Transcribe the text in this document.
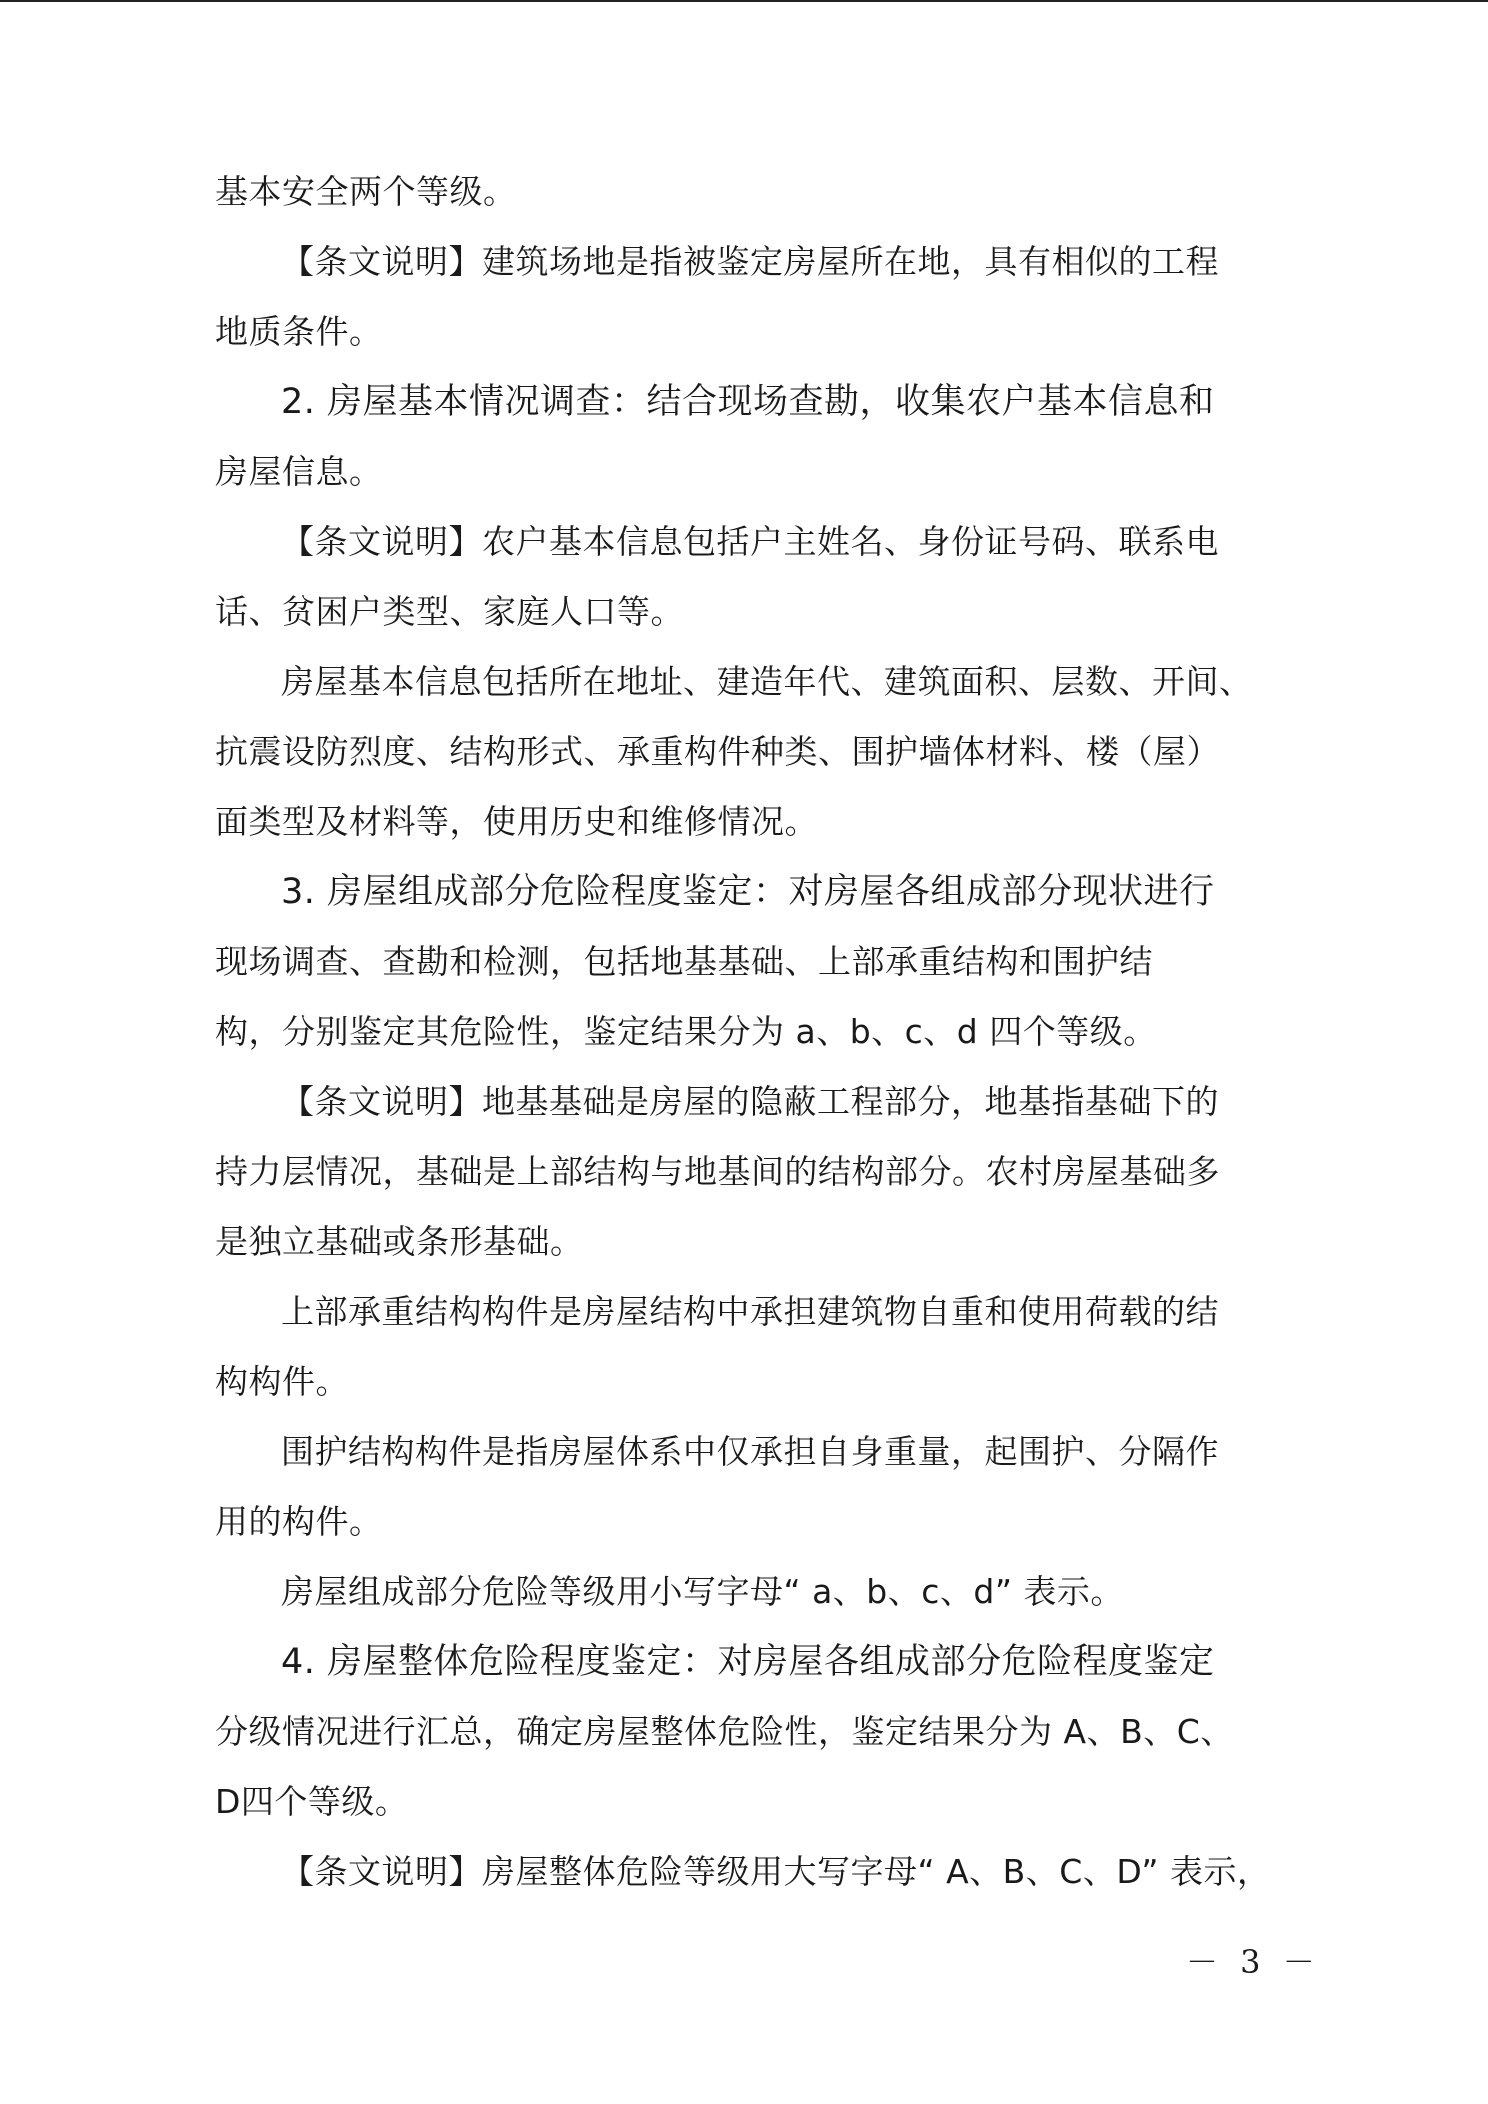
基本安全两个等级。
【条文说明】建筑场地是指被鉴定房屋所在地，具有相似的工程
地质条件。
2. 房屋基本情况调查：结合现场查勘，收集农户基本信息和
房屋信息。
【条文说明】农户基本信息包括户主姓名、身份证号码、联系电
话、贫困户类型、家庭人口等。
房屋基本信息包括所在地址、建造年代、建筑面积、层数、开间、
抗震设防烈度、结构形式、承重构件种类、围护墙体材料、楼（屋）
面类型及材料等，使用历史和维修情况。
3. 房屋组成部分危险程度鉴定：对房屋各组成部分现状进行
现场调查、查勘和检测，包括地基基础、上部承重结构和围护结
构，分别鉴定其危险性，鉴定结果分为 a、b、c、d 四个等级。
【条文说明】地基基础是房屋的隐蔽工程部分，地基指基础下的
持力层情况，基础是上部结构与地基间的结构部分。农村房屋基础多
是独立基础或条形基础。
上部承重结构构件是房屋结构中承担建筑物自重和使用荷载的结
构构件。
围护结构构件是指房屋体系中仅承担自身重量，起围护、分隔作
用的构件。
房屋组成部分危险等级用小写字母“ a、b、c、d” 表示。
4. 房屋整体危险程度鉴定：对房屋各组成部分危险程度鉴定
分级情况进行汇总，确定房屋整体危险性，鉴定结果分为 A、B、C、
D四个等级。
【条文说明】房屋整体危险等级用大写字母“ A、B、C、D” 表示，
－ 3 －
